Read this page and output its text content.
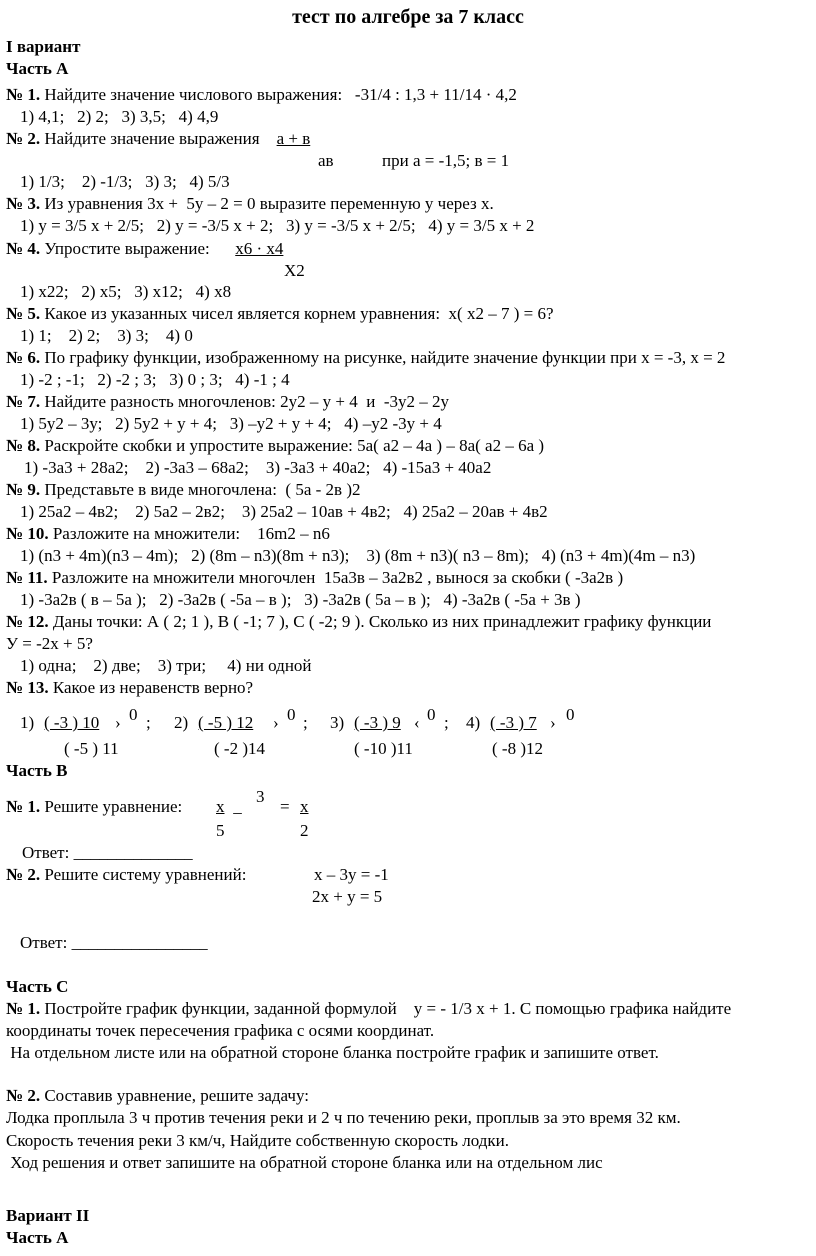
тест по алгебре за 7 класс
I вариант
Часть А
№ 1. Найдите значение числового выражения:   -31/4 : 1,3 + 11/14 · 4,2
1) 4,1;   2) 2;   3) 3,5;   4) 4,9
№ 2. Найдите значение выражения    а + в
ав	при а = -1,5; в = 1
1) 1/3;    2) -1/3;   3) 3;   4) 5/3
№ 3. Из уравнения 3х +  5у – 2 = 0 выразите переменную у через х.
1) у = 3/5 х + 2/5;   2) у = -3/5 х + 2;   3) у = -3/5 х + 2/5;   4) у = 3/5 х + 2
№ 4. Упростите выражение:      х6 · х4
Х2
1) х22;   2) х5;   3) х12;   4) х8
№ 5. Какое из указанных чисел является корнем уравнения:  х( х2 – 7 ) = 6?
1) 1;    2) 2;    3) 3;    4) 0
№ 6. По графику функции, изображенному на рисунке, найдите значение функции при х = -3, х = 2
1) -2 ; -1;   2) -2 ; 3;   3) 0 ; 3;   4) -1 ; 4
№ 7. Найдите разность многочленов: 2у2 – у + 4  и  -3у2 – 2у
1) 5у2 – 3у;   2) 5у2 + у + 4;   3) –у2 + у + 4;   4) –у2 -3у + 4
№ 8. Раскройте скобки и упростите выражение: 5а( а2 – 4а ) – 8а( а2 – 6а )
1) -3а3 + 28а2;    2) -3а3 – 68а2;    3) -3а3 + 40а2;   4) -15а3 + 40а2
№ 9. Представьте в виде многочлена:  ( 5а - 2в )2
1) 25а2 – 4в2;    2) 5а2 – 2в2;    3) 25а2 – 10ав + 4в2;   4) 25а2 – 20ав + 4в2
№ 10. Разложите на множители:    16m2 – n6
1) (n3 + 4m)(n3 – 4m);   2) (8m – n3)(8m + n3);    3) (8m + n3)( n3 – 8m);   4) (n3 + 4m)(4m – n3)
№ 11. Разложите на множители многочлен  15а3в – 3а2в2 , вынося за скобки ( -3а2в )
1) -3а2в ( в – 5а );   2) -3а2в ( -5а – в );   3) -3а2в ( 5а – в );   4) -3а2в ( -5а + 3в )
№ 12. Даны точки: А ( 2; 1 ), В ( -1; 7 ), С ( -2; 9 ). Сколько из них принадлежит графику функции
У = -2х + 5?
1) одна;    2) две;    3) три;     4) ни одной
№ 13. Какое из неравенств верно?
1) ( -3 ) 10 › 0 ;
( -5 ) 11
2) ( -5 ) 12 › 0 ;
( -2 )14
3) ( -3 ) 9 ‹ 0 ;
( -10 )11
4) ( -3 ) 7 › 0
( -8 )12
Часть В
№ 1. Решите уравнение: х _
3
= х
5	2
Ответ: ______________
№ 2. Решите систему уравнений:	х – 3у = -1
2х + у = 5
Ответ: ________________
Часть С
№ 1. Постройте график функции, заданной формулой    у = - 1/3 х + 1. С помощью графика найдите
координаты точек пересечения графика с осями координат.
На отдельном листе или на обратной стороне бланка постройте график и запишите ответ.
№ 2. Составив уравнение, решите задачу:
Лодка проплыла 3 ч против течения реки и 2 ч по течению реки, проплыв за это время 32 км.
Скорость течения реки 3 км/ч, Найдите собственную скорость лодки.
Ход решения и ответ запишите на обратной стороне бланка или на отдельном лис
Вариант II
Часть А
